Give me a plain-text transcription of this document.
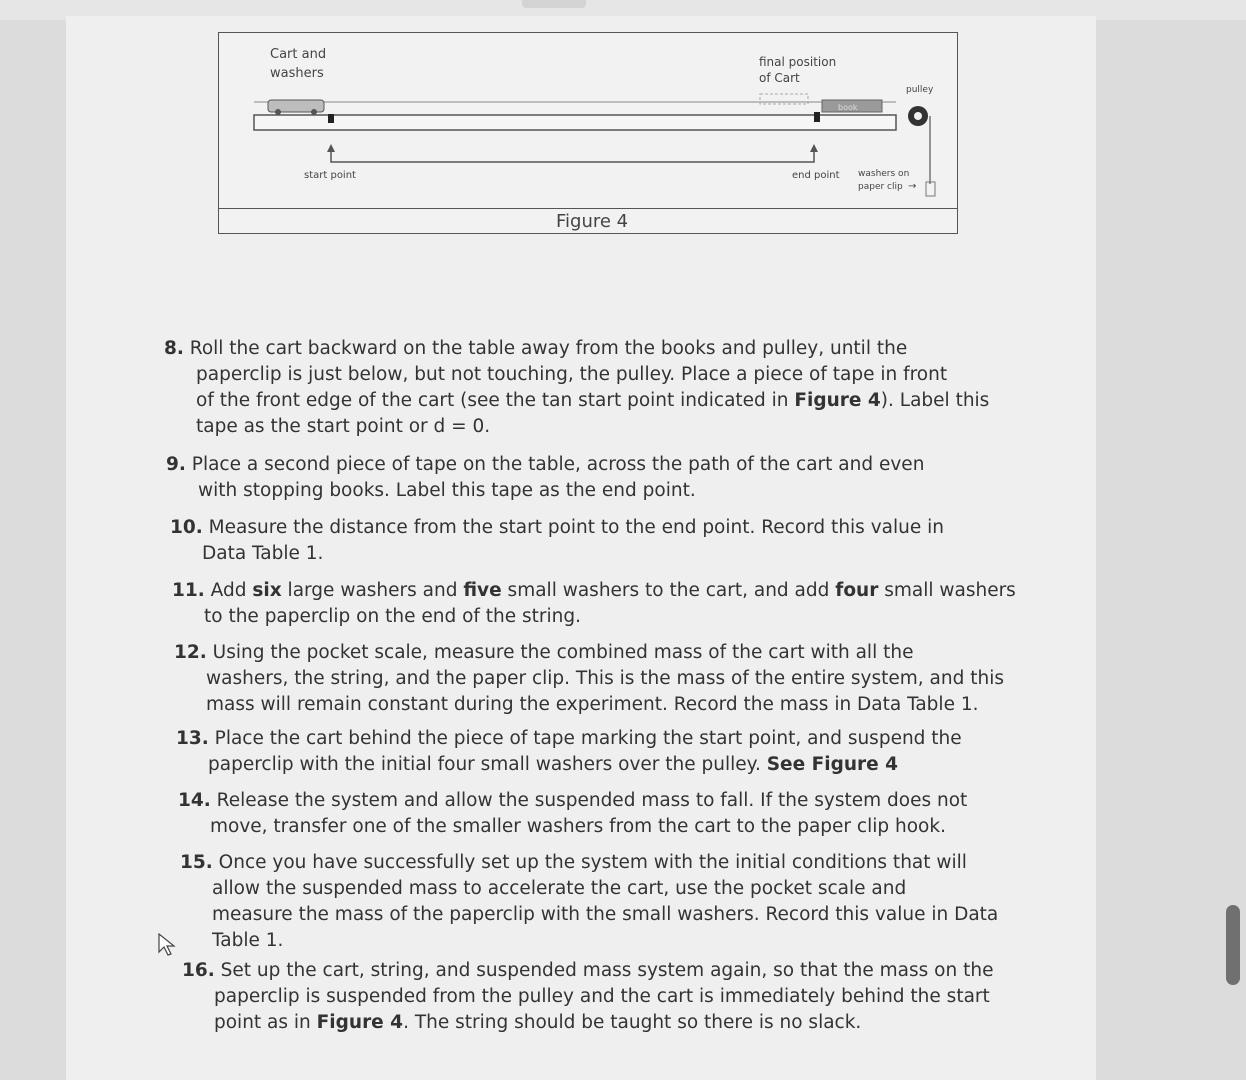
book
Cart and
washers
final position
of Cart
pulley
start point	end point washers on
paper clip →
Figure 4
8. Roll the cart backward on the table away from the books and pulley, until the
paperclip is just below, but not touching, the pulley. Place a piece of tape in front
of the front edge of the cart (see the tan start point indicated in Figure 4). Label this
tape as the start point or d = 0.
9. Place a second piece of tape on the table, across the path of the cart and even
with stopping books. Label this tape as the end point.
10. Measure the distance from the start point to the end point. Record this value in
Data Table 1.
11. Add six large washers and five small washers to the cart, and add four small washers
to the paperclip on the end of the string.
12. Using the pocket scale, measure the combined mass of the cart with all the
washers, the string, and the paper clip. This is the mass of the entire system, and this
mass will remain constant during the experiment. Record the mass in Data Table 1.
13. Place the cart behind the piece of tape marking the start point, and suspend the
paperclip with the initial four small washers over the pulley. See Figure 4
14. Release the system and allow the suspended mass to fall. If the system does not
move, transfer one of the smaller washers from the cart to the paper clip hook.
15. Once you have successfully set up the system with the initial conditions that will
allow the suspended mass to accelerate the cart, use the pocket scale and
measure the mass of the paperclip with the small washers. Record this value in Data
Table 1.
16. Set up the cart, string, and suspended mass system again, so that the mass on the
paperclip is suspended from the pulley and the cart is immediately behind the start
point as in Figure 4. The string should be taught so there is no slack.
